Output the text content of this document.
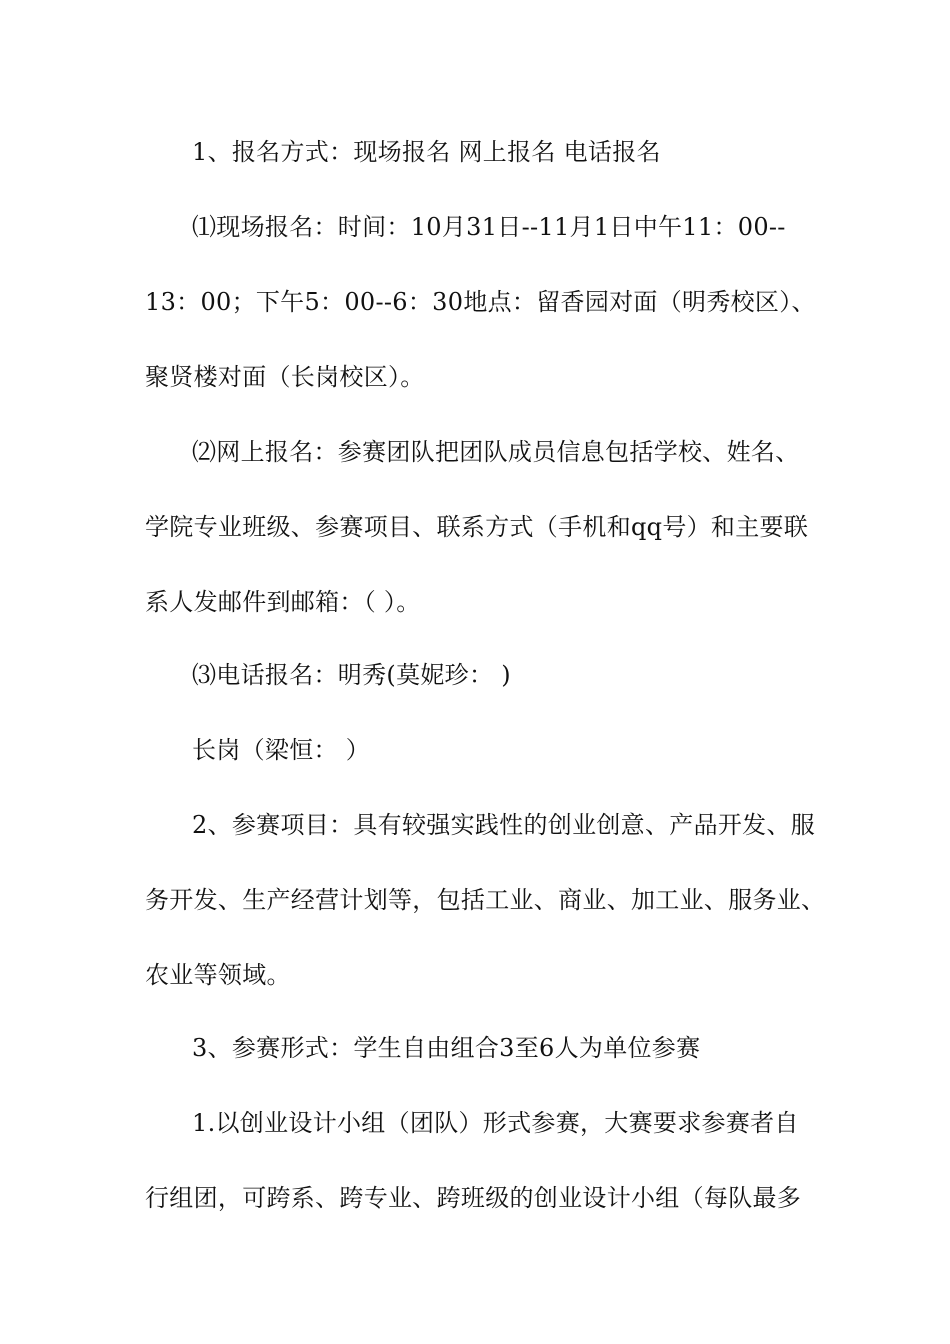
1、报名方式：现场报名 网上报名 电话报名
⑴现场报名：时间：10月31日--11月1日中午11：00--
13：00；下午5：00--6：30地点：留香园对面（明秀校区）、
聚贤楼对面（长岗校区）。
⑵网上报名：参赛团队把团队成员信息包括学校、姓名、
学院专业班级、参赛项目、联系方式（手机和qq号）和主要联
系人发邮件到邮箱：（ ）。
⑶电话报名：明秀(莫妮珍： )
长岗（梁恒： ）
2、参赛项目：具有较强实践性的创业创意、产品开发、服
务开发、生产经营计划等，包括工业、商业、加工业、服务业、
农业等领域。
3、参赛形式：学生自由组合3至6人为单位参赛
1.以创业设计小组（团队）形式参赛，大赛要求参赛者自
行组团，可跨系、跨专业、跨班级的创业设计小组（每队最多
